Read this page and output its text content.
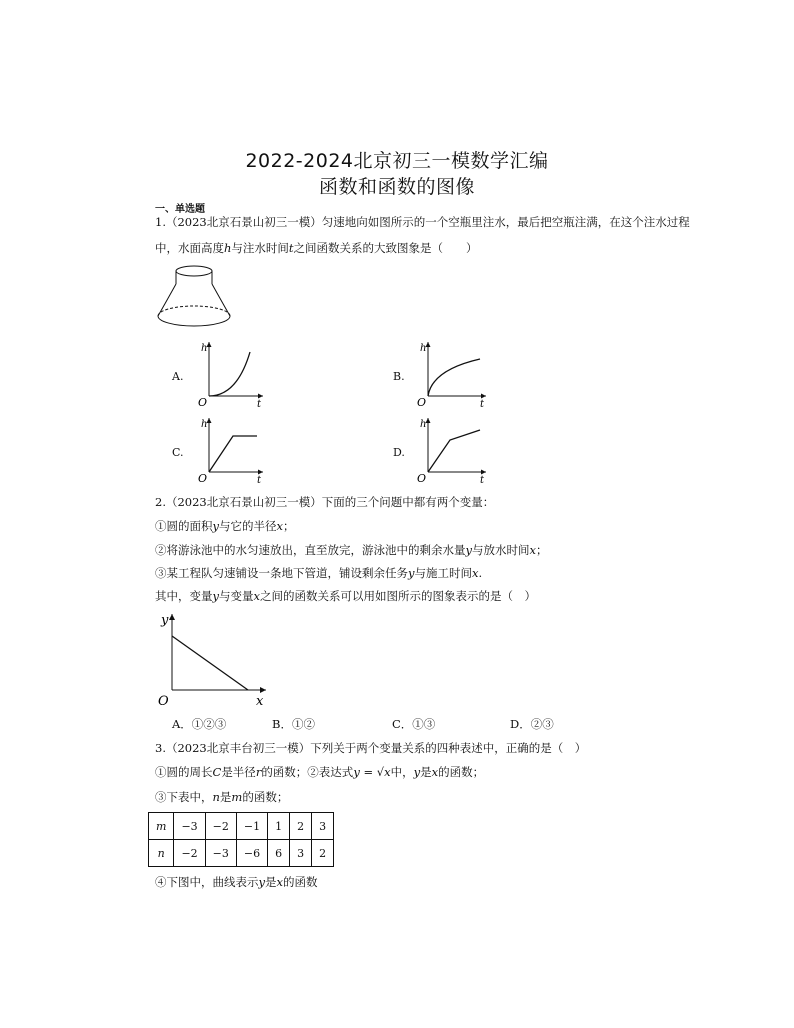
2022-2024北京初三一模数学汇编
函数和函数的图像
一、单选题
1.（2023北京石景山初三一模）匀速地向如图所示的一个空瓶里注水，最后把空瓶注满，在这个注水过程
中，水面高度h与注水时间t之间函数关系的大致图象是（　　）
A.
h
O	t
B.
h
O	t
C.
h
O	t
D.
h
O	t
2.（2023北京石景山初三一模）下面的三个问题中都有两个变量：
①圆的面积y与它的半径x；
②将游泳池中的水匀速放出，直至放完，游泳池中的剩余水量y与放水时间x；
③某工程队匀速铺设一条地下管道，铺设剩余任务y与施工时间x.
其中，变量y与变量x之间的函数关系可以用如图所示的图象表示的是（　）
y
O	x
A．①②③	B．①②	C．①③	D．②③
3.（2023北京丰台初三一模）下列关于两个变量关系的四种表述中，正确的是（　）
①圆的周长C是半径r的函数；②表达式y = √x中，y是x的函数；
③下表中，n是m的函数；
m	−3	−2	−1	1	2	3
n	−2	−3	−6	6	3	2
④下图中，曲线表示y是x的函数
